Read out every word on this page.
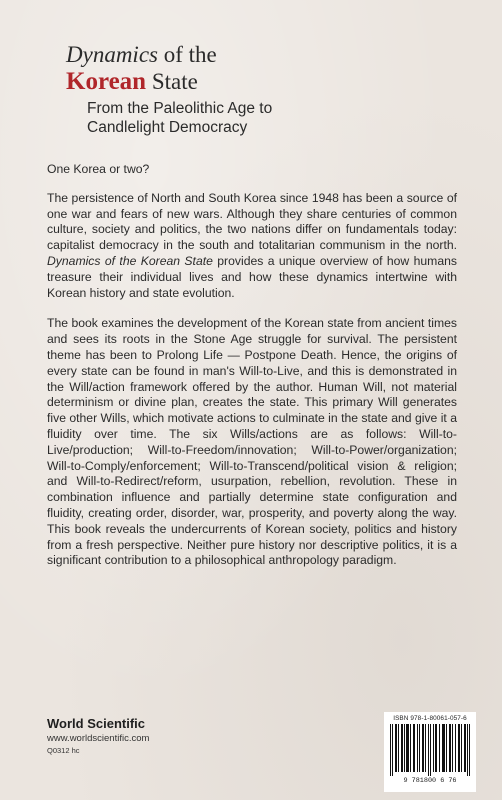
Dynamics of the
Korean State
From the Paleolithic Age to
Candlelight Democracy

One Korea or two?

The persistence of North and South Korea since 1948 has been a source of one war and fears of new wars. Although they share centuries of common culture, society and politics, the two nations differ on fundamentals today: capitalist democracy in the south and totalitarian communism in the north. Dynamics of the Korean State provides a unique overview of how humans treasure their individual lives and how these dynamics intertwine with Korean history and state evolution.

The book examines the development of the Korean state from ancient times and sees its roots in the Stone Age struggle for survival. The persistent theme has been to Prolong Life — Postpone Death. Hence, the origins of every state can be found in man's Will-to-Live, and this is demonstrated in the Will/action framework offered by the author. Human Will, not material determinism or divine plan, creates the state. This primary Will generates five other Wills, which motivate actions to culminate in the state and give it a fluidity over time. The six Wills/actions are as follows: Will-to-Live/production; Will-to-Freedom/innovation; Will-to-Power/organization; Will-to-Comply/enforcement; Will-to-Transcend/political vision & religion; and Will-to-Redirect/reform, usurpation, rebellion, revolution. These in combination influence and partially determine state configuration and fluidity, creating order, disorder, war, prosperity, and poverty along the way. This book reveals the undercurrents of Korean society, politics and history from a fresh perspective. Neither pure history nor descriptive politics, it is a significant contribution to a philosophical anthropology paradigm.

World Scientific
www.worldscientific.com
Q0312 hc
ISBN 978-1-80061-057-6
9 781800 6 76
